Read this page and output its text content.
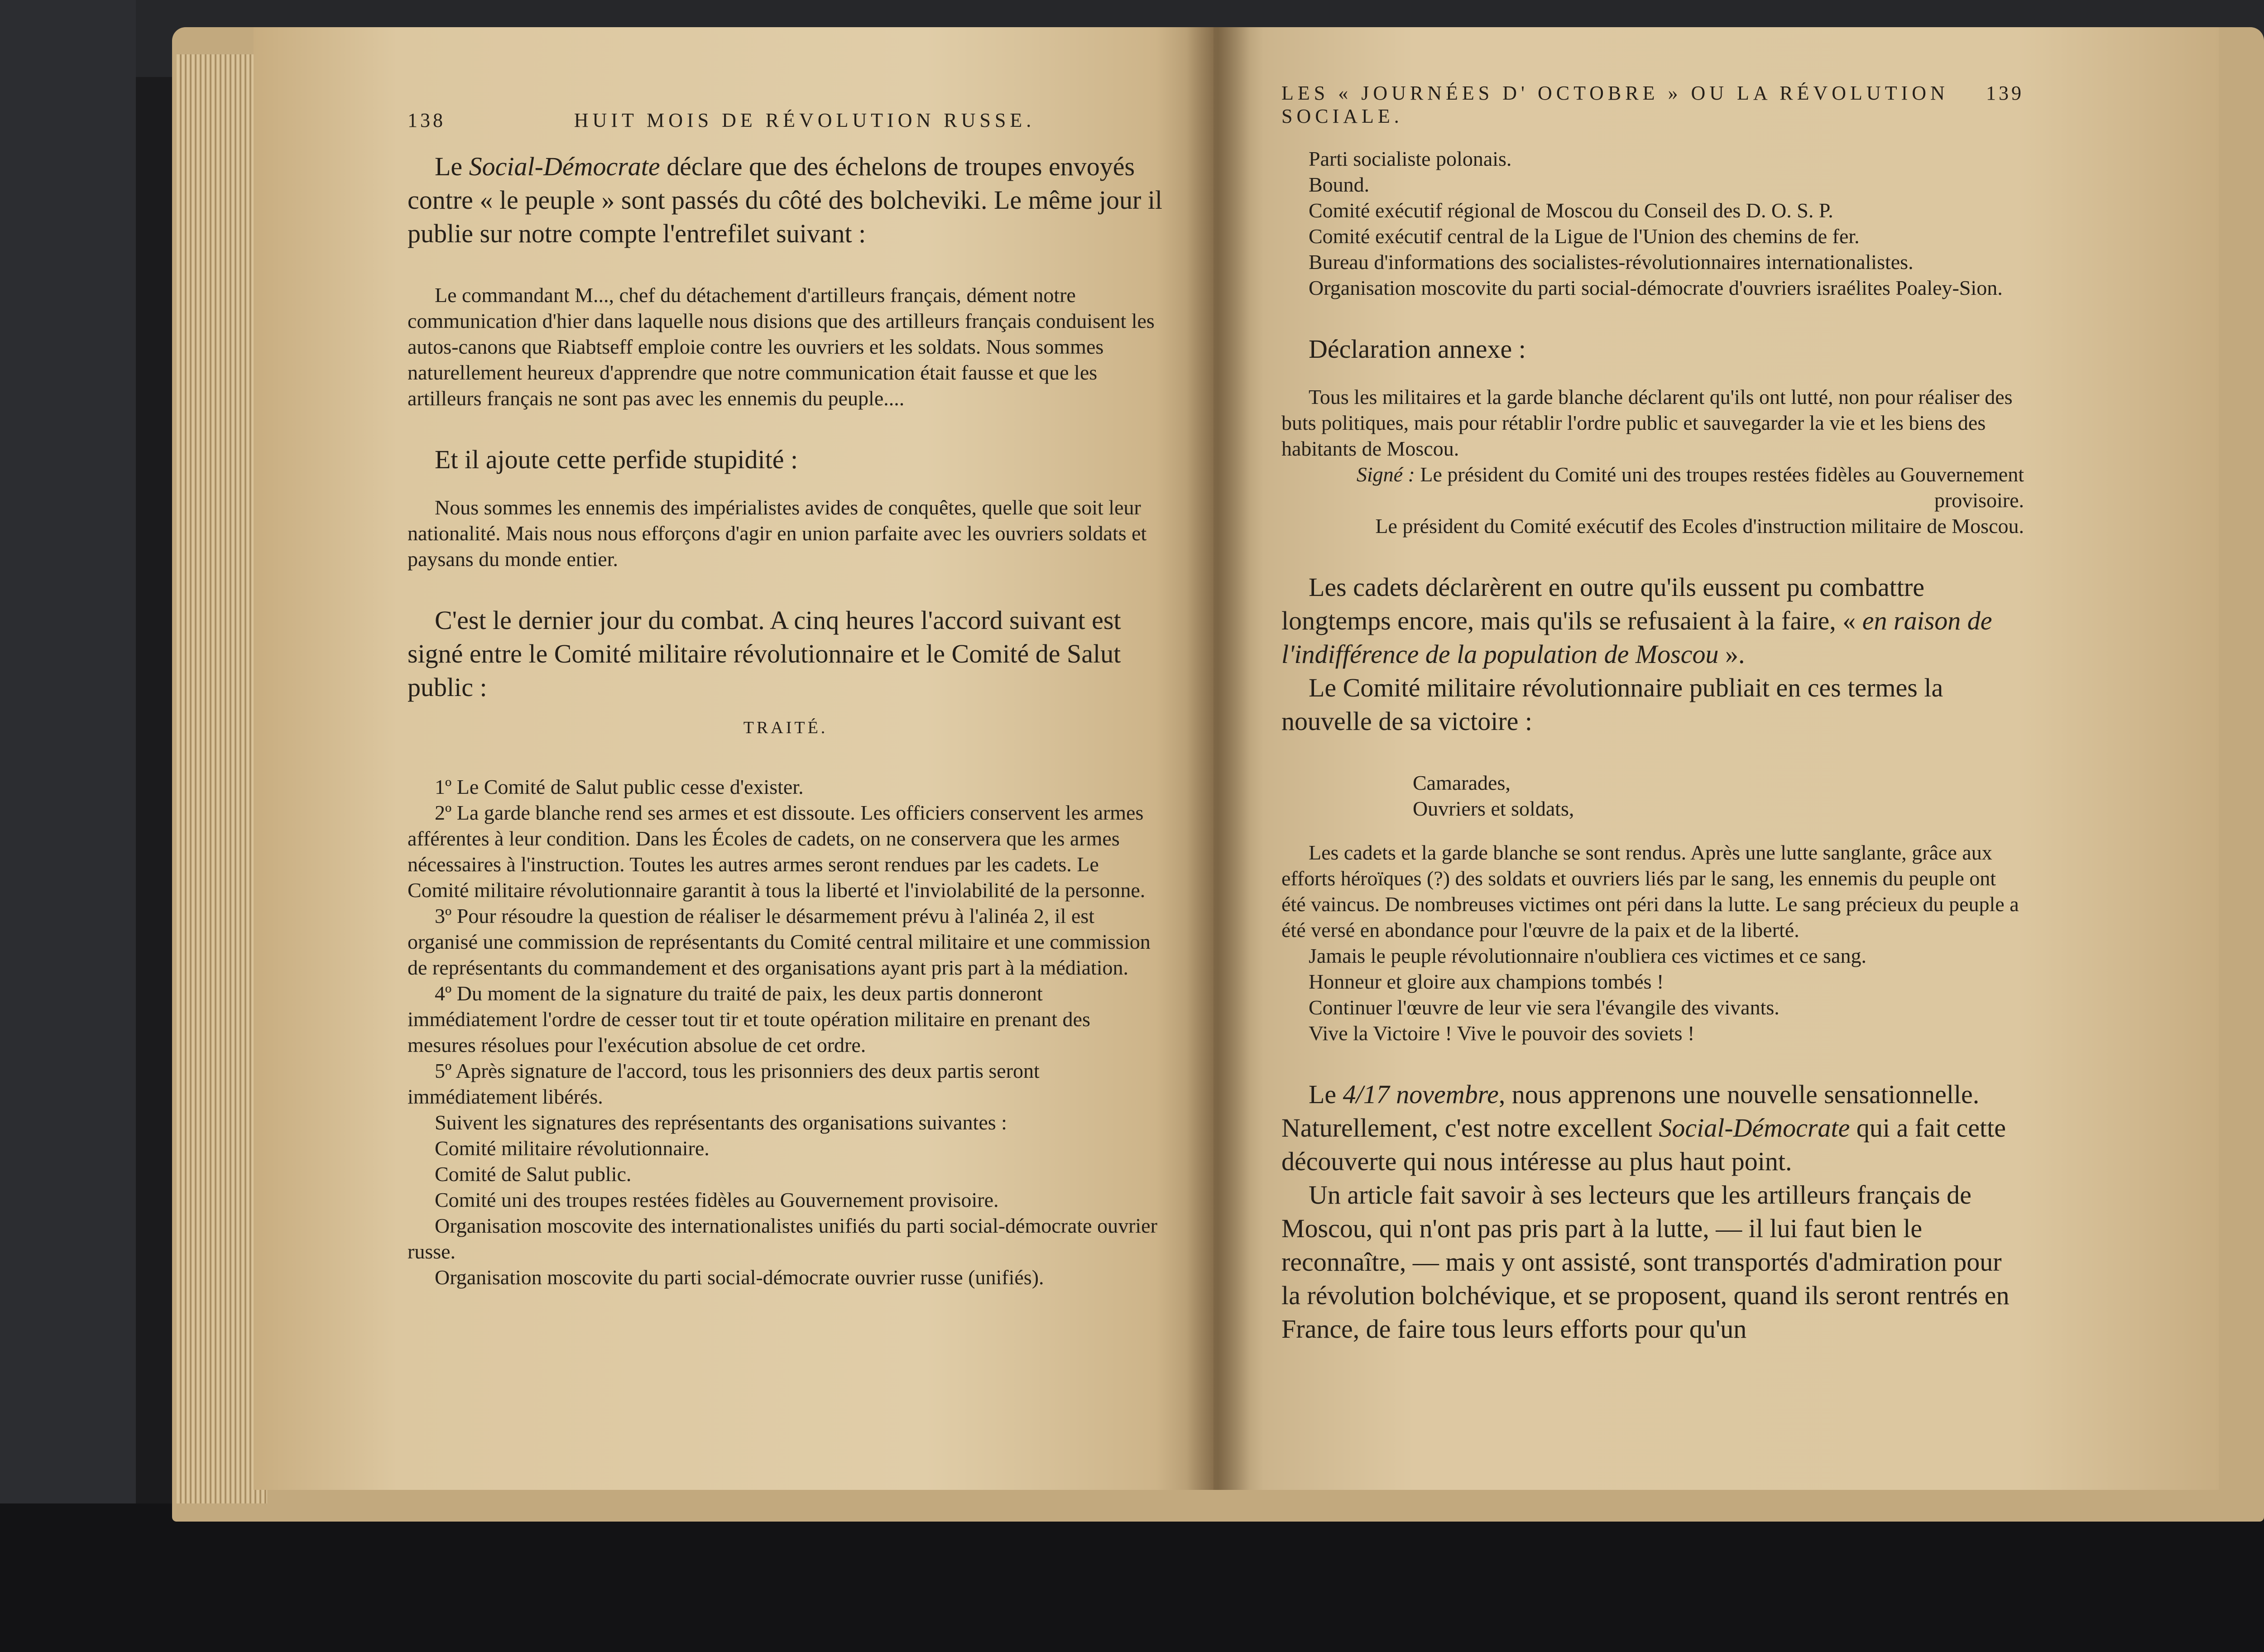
138	HUIT MOIS DE RÉVOLUTION RUSSE.

Le Social-Démocrate déclare que des échelons de troupes envoyés contre « le peuple » sont passés du côté des bolcheviki. Le même jour il publie sur notre compte l'entrefilet suivant :

Le commandant M..., chef du détachement d'artilleurs français, dément notre communication d'hier dans laquelle nous disions que des artilleurs français conduisent les autos-canons que Riabtseff emploie contre les ouvriers et les soldats. Nous sommes naturellement heureux d'apprendre que notre communication était fausse et que les artilleurs français ne sont pas avec les ennemis du peuple....

Et il ajoute cette perfide stupidité :

Nous sommes les ennemis des impérialistes avides de conquêtes, quelle que soit leur nationalité. Mais nous nous efforçons d'agir en union parfaite avec les ouvriers soldats et paysans du monde entier.

C'est le dernier jour du combat. A cinq heures l'accord suivant est signé entre le Comité militaire révolutionnaire et le Comité de Salut public :

TRAITÉ.

1º Le Comité de Salut public cesse d'exister.

2º La garde blanche rend ses armes et est dissoute. Les officiers conservent les armes afférentes à leur condition. Dans les Écoles de cadets, on ne conservera que les armes nécessaires à l'instruction. Toutes les autres armes seront rendues par les cadets. Le Comité militaire révolutionnaire garantit à tous la liberté et l'inviolabilité de la personne.

3º Pour résoudre la question de réaliser le désarmement prévu à l'alinéa 2, il est organisé une commission de représentants du Comité central militaire et une commission de représentants du commandement et des organisations ayant pris part à la médiation.

4º Du moment de la signature du traité de paix, les deux partis donneront immédiatement l'ordre de cesser tout tir et toute opération militaire en prenant des mesures résolues pour l'exécution absolue de cet ordre.

5º Après signature de l'accord, tous les prisonniers des deux partis seront immédiatement libérés.

Suivent les signatures des représentants des organisations suivantes :

Comité militaire révolutionnaire.

Comité de Salut public.

Comité uni des troupes restées fidèles au Gouvernement provisoire.

Organisation moscovite des internationalistes unifiés du parti social-démocrate ouvrier russe.

Organisation moscovite du parti social-démocrate ouvrier russe (unifiés).

LES « JOURNÉES D' OCTOBRE » OU LA RÉVOLUTION SOCIALE.
139

Parti socialiste polonais.

Bound.

Comité exécutif régional de Moscou du Conseil des D. O. S. P.

Comité exécutif central de la Ligue de l'Union des chemins de fer.

Bureau d'informations des socialistes-révolutionnaires internationalistes.

Organisation moscovite du parti social-démocrate d'ouvriers israélites Poaley-Sion.

Déclaration annexe :

Tous les militaires et la garde blanche déclarent qu'ils ont lutté, non pour réaliser des buts politiques, mais pour rétablir l'ordre public et sauvegarder la vie et les biens des habitants de Moscou.

Signé : Le président du Comité uni des troupes restées fidèles au Gouvernement provisoire.

Le président du Comité exécutif des Ecoles d'instruction militaire de Moscou.

Les cadets déclarèrent en outre qu'ils eussent pu combattre longtemps encore, mais qu'ils se refusaient à la faire, « en raison de l'indifférence de la population de Moscou ».

Le Comité militaire révolutionnaire publiait en ces termes la nouvelle de sa victoire :

Camarades,

Ouvriers et soldats,

Les cadets et la garde blanche se sont rendus. Après une lutte sanglante, grâce aux efforts héroïques (?) des soldats et ouvriers liés par le sang, les ennemis du peuple ont été vaincus. De nombreuses victimes ont péri dans la lutte. Le sang précieux du peuple a été versé en abondance pour l'œuvre de la paix et de la liberté.

Jamais le peuple révolutionnaire n'oubliera ces victimes et ce sang.

Honneur et gloire aux champions tombés !

Continuer l'œuvre de leur vie sera l'évangile des vivants.

Vive la Victoire ! Vive le pouvoir des soviets !

Le 4/17 novembre, nous apprenons une nouvelle sensationnelle. Naturellement, c'est notre excellent Social-Démocrate qui a fait cette découverte qui nous intéresse au plus haut point.

Un article fait savoir à ses lecteurs que les artilleurs français de Moscou, qui n'ont pas pris part à la lutte, — il lui faut bien le reconnaître, — mais y ont assisté, sont transportés d'admiration pour la révolution bolchévique, et se proposent, quand ils seront rentrés en France, de faire tous leurs efforts pour qu'un
